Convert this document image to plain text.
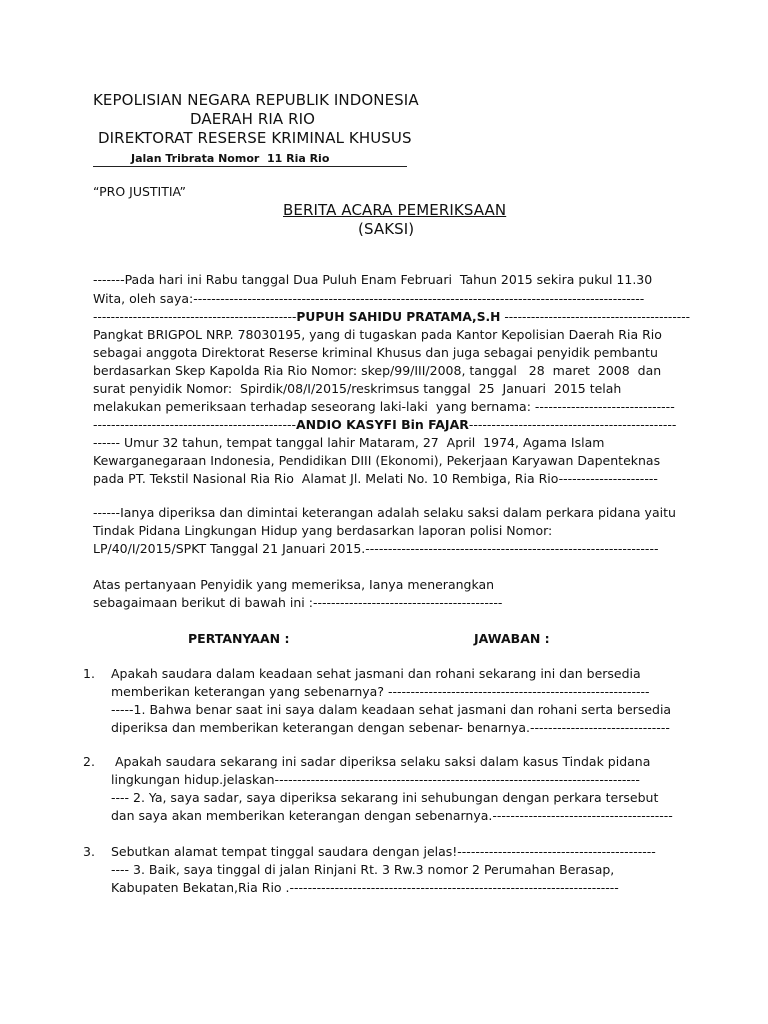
KEPOLISIAN NEGARA REPUBLIK INDONESIA
DAERAH RIA RIO
DIREKTORAT RESERSE KRIMINAL KHUSUS
Jalan Tribrata Nomor  11 Ria Rio
“PRO JUSTITIA”
BERITA ACARA PEMERIKSAAN
(SAKSI)
-------Pada hari ini Rabu tanggal Dua Puluh Enam Februari  Tahun 2015 sekira pukul 11.30
Wita, oleh saya:----------------------------------------------------------------------------------------------------
----------------------------------------------PUPUH SAHIDU PRATAMA,S.H ------------------------------------------
Pangkat BRIGPOL NRP. 78030195, yang di tugaskan pada Kantor Kepolisian Daerah Ria Rio
sebagai anggota Direktorat Reserse kriminal Khusus dan juga sebagai penyidik pembantu
berdasarkan Skep Kapolda Ria Rio Nomor: skep/99/III/2008, tanggal   28  maret  2008  dan
surat penyidik Nomor:  Spirdik/08/I/2015/reskrimsus tanggal  25  Januari  2015 telah
melakukan pemeriksaan terhadap seseorang laki-laki  yang bernama: -------------------------------
---------------------------------------------ANDIO KASYFI Bin FAJAR----------------------------------------------
------ Umur 32 tahun, tempat tanggal lahir Mataram, 27  April  1974, Agama Islam
Kewarganegaraan Indonesia, Pendidikan DIII (Ekonomi), Pekerjaan Karyawan Dapenteknas
pada PT. Tekstil Nasional Ria Rio  Alamat Jl. Melati No. 10 Rembiga, Ria Rio----------------------
------Ianya diperiksa dan dimintai keterangan adalah selaku saksi dalam perkara pidana yaitu
Tindak Pidana Lingkungan Hidup yang berdasarkan laporan polisi Nomor:
LP/40/I/2015/SPKT Tanggal 21 Januari 2015.-----------------------------------------------------------------
Atas pertanyaan Penyidik yang memeriksa, Ianya menerangkan
sebagaimaan berikut di bawah ini :------------------------------------------
PERTANYAAN :	JAWABAN :
1. Apakah saudara dalam keadaan sehat jasmani dan rohani sekarang ini dan bersedia
memberikan keterangan yang sebenarnya? ----------------------------------------------------------
-----1. Bahwa benar saat ini saya dalam keadaan sehat jasmani dan rohani serta bersedia
diperiksa dan memberikan keterangan dengan sebenar- benarnya.-------------------------------
2. Apakah saudara sekarang ini sadar diperiksa selaku saksi dalam kasus Tindak pidana
lingkungan hidup.jelaskan---------------------------------------------------------------------------------
---- 2. Ya, saya sadar, saya diperiksa sekarang ini sehubungan dengan perkara tersebut
dan saya akan memberikan keterangan dengan sebenarnya.----------------------------------------
3. Sebutkan alamat tempat tinggal saudara dengan jelas!--------------------------------------------
---- 3. Baik, saya tinggal di jalan Rinjani Rt. 3 Rw.3 nomor 2 Perumahan Berasap,
Kabupaten Bekatan,Ria Rio .-------------------------------------------------------------------------
